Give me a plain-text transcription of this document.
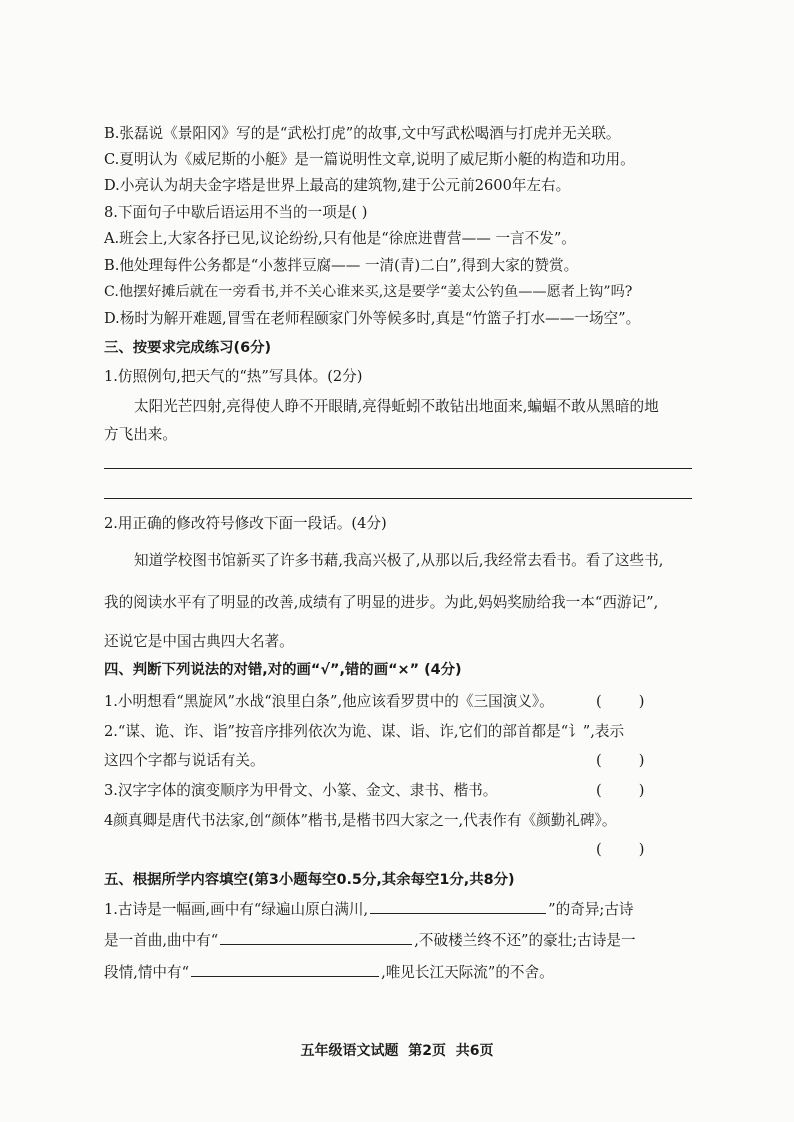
B.张磊说《景阳冈》写的是“武松打虎”的故事,文中写武松喝酒与打虎并无关联。
C.夏明认为《威尼斯的小艇》是一篇说明性文章,说明了威尼斯小艇的构造和功用。
D.小亮认为胡夫金字塔是世界上最高的建筑物,建于公元前2600年左右。
8.下面句子中歇后语运用不当的一项是( )
A.班会上,大家各抒已见,议论纷纷,只有他是“徐庶进曹营—— 一言不发”。
B.他处理每件公务都是“小葱拌豆腐—— 一清(青)二白”,得到大家的赞赏。
C.他摆好摊后就在一旁看书,并不关心谁来买,这是要学“姜太公钓鱼——愿者上钩”吗?
D.杨时为解开难题,冒雪在老师程颐家门外等候多时,真是“竹篮子打水——一场空”。
三、按要求完成练习(6分)
1.仿照例句,把天气的“热”写具体。(2分)
太阳光芒四射,亮得使人睁不开眼睛,亮得蚯蚓不敢钻出地面来,蝙蝠不敢从黑暗的地
方飞出来。
2.用正确的修改符号修改下面一段话。(4分)
知道学校图书馆新买了许多书藉,我高兴极了,从那以后,我经常去看书。看了这些书,
我的阅读水平有了明显的改善,成绩有了明显的进步。为此,妈妈奖励给我一本“西游记”,
还说它是中国古典四大名著。
四、判断下列说法的对错,对的画“√”,错的画“×” (4分)
1.小明想看“黑旋风”水战“浪里白条”,他应该看罗贯中的《三国演义》。	(        )
2.“谋、诡、诈、诣”按音序排列依次为诡、谋、诣、诈,它们的部首都是“讠”,表示
这四个字都与说话有关。	(        )
3.汉字字体的演变顺序为甲骨文、小篆、金文、隶书、楷书。	(        )
4颜真卿是唐代书法家,创“颜体”楷书,是楷书四大家之一,代表作有《颜勤礼碑》。
(        )
五、根据所学内容填空(第3小题每空0.5分,其余每空1分,共8分)
1.古诗是一幅画,画中有“绿遍山原白满川,	”的奇异;古诗
是一首曲,曲中有“	,不破楼兰终不还”的豪壮;古诗是一
段情,情中有“	,唯见长江天际流”的不舍。
五年级语文试题  第2页  共6页
